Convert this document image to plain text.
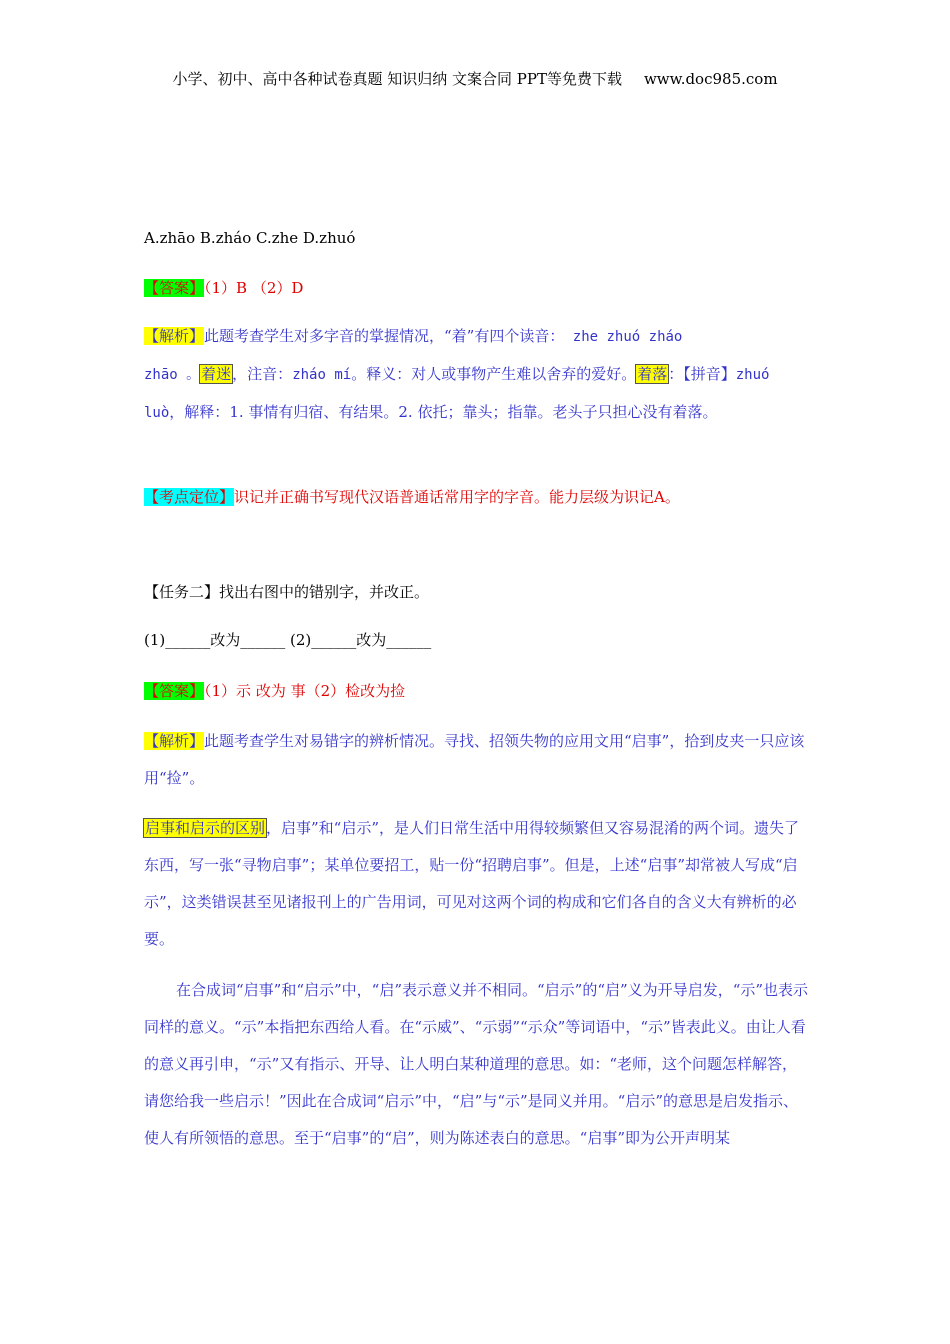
小学、初中、高中各种试卷真题 知识归纳 文案合同 PPT等免费下载 www.doc985.com
A.zhāo B.zháo C.zhe D.zhuó
【答案】（1）B （2）D
【解析】此题考查学生对多字音的掌握情况，“着”有四个读音： zhe zhuó zháo
zhāo 。着迷，注音：zháo mí。释义：对人或事物产生难以舍弃的爱好。着落：【拼音】zhuó luò，解释：1. 事情有归宿、有结果。2. 依托；靠头；指靠。老头子只担心没有着落。
【考点定位】识记并正确书写现代汉语普通话常用字的字音。能力层级为识记A。
【任务二】找出右图中的错别字，并改正。
(1)______改为______ (2)______改为______
【答案】（1）示 改为 事（2）检改为捡
【解析】此题考查学生对易错字的辨析情况。寻找、招领失物的应用文用“启事”，拾到皮夹一只应该用“捡”。
启事和启示的区别，启事”和“启示”，是人们日常生活中用得较频繁但又容易混淆的两个词。遗失了东西，写一张“寻物启事”；某单位要招工，贴一份“招聘启事”。但是，上述“启事”却常被人写成“启示”，这类错误甚至见诸报刊上的广告用词，可见对这两个词的构成和它们各自的含义大有辨析的必要。
在合成词“启事”和“启示”中，“启”表示意义并不相同。“启示”的“启”义为开导启发，“示”也表示同样的意义。“示”本指把东西给人看。在“示威”、“示弱”“示众”等词语中，“示”皆表此义。由让人看的意义再引申，“示”又有指示、开导、让人明白某种道理的意思。如：“老师，这个问题怎样解答，请您给我一些启示！”因此在合成词“启示”中，“启”与“示”是同义并用。“启示”的意思是启发指示、使人有所领悟的意思。至于“启事”的“启”，则为陈述表白的意思。“启事”即为公开声明某
